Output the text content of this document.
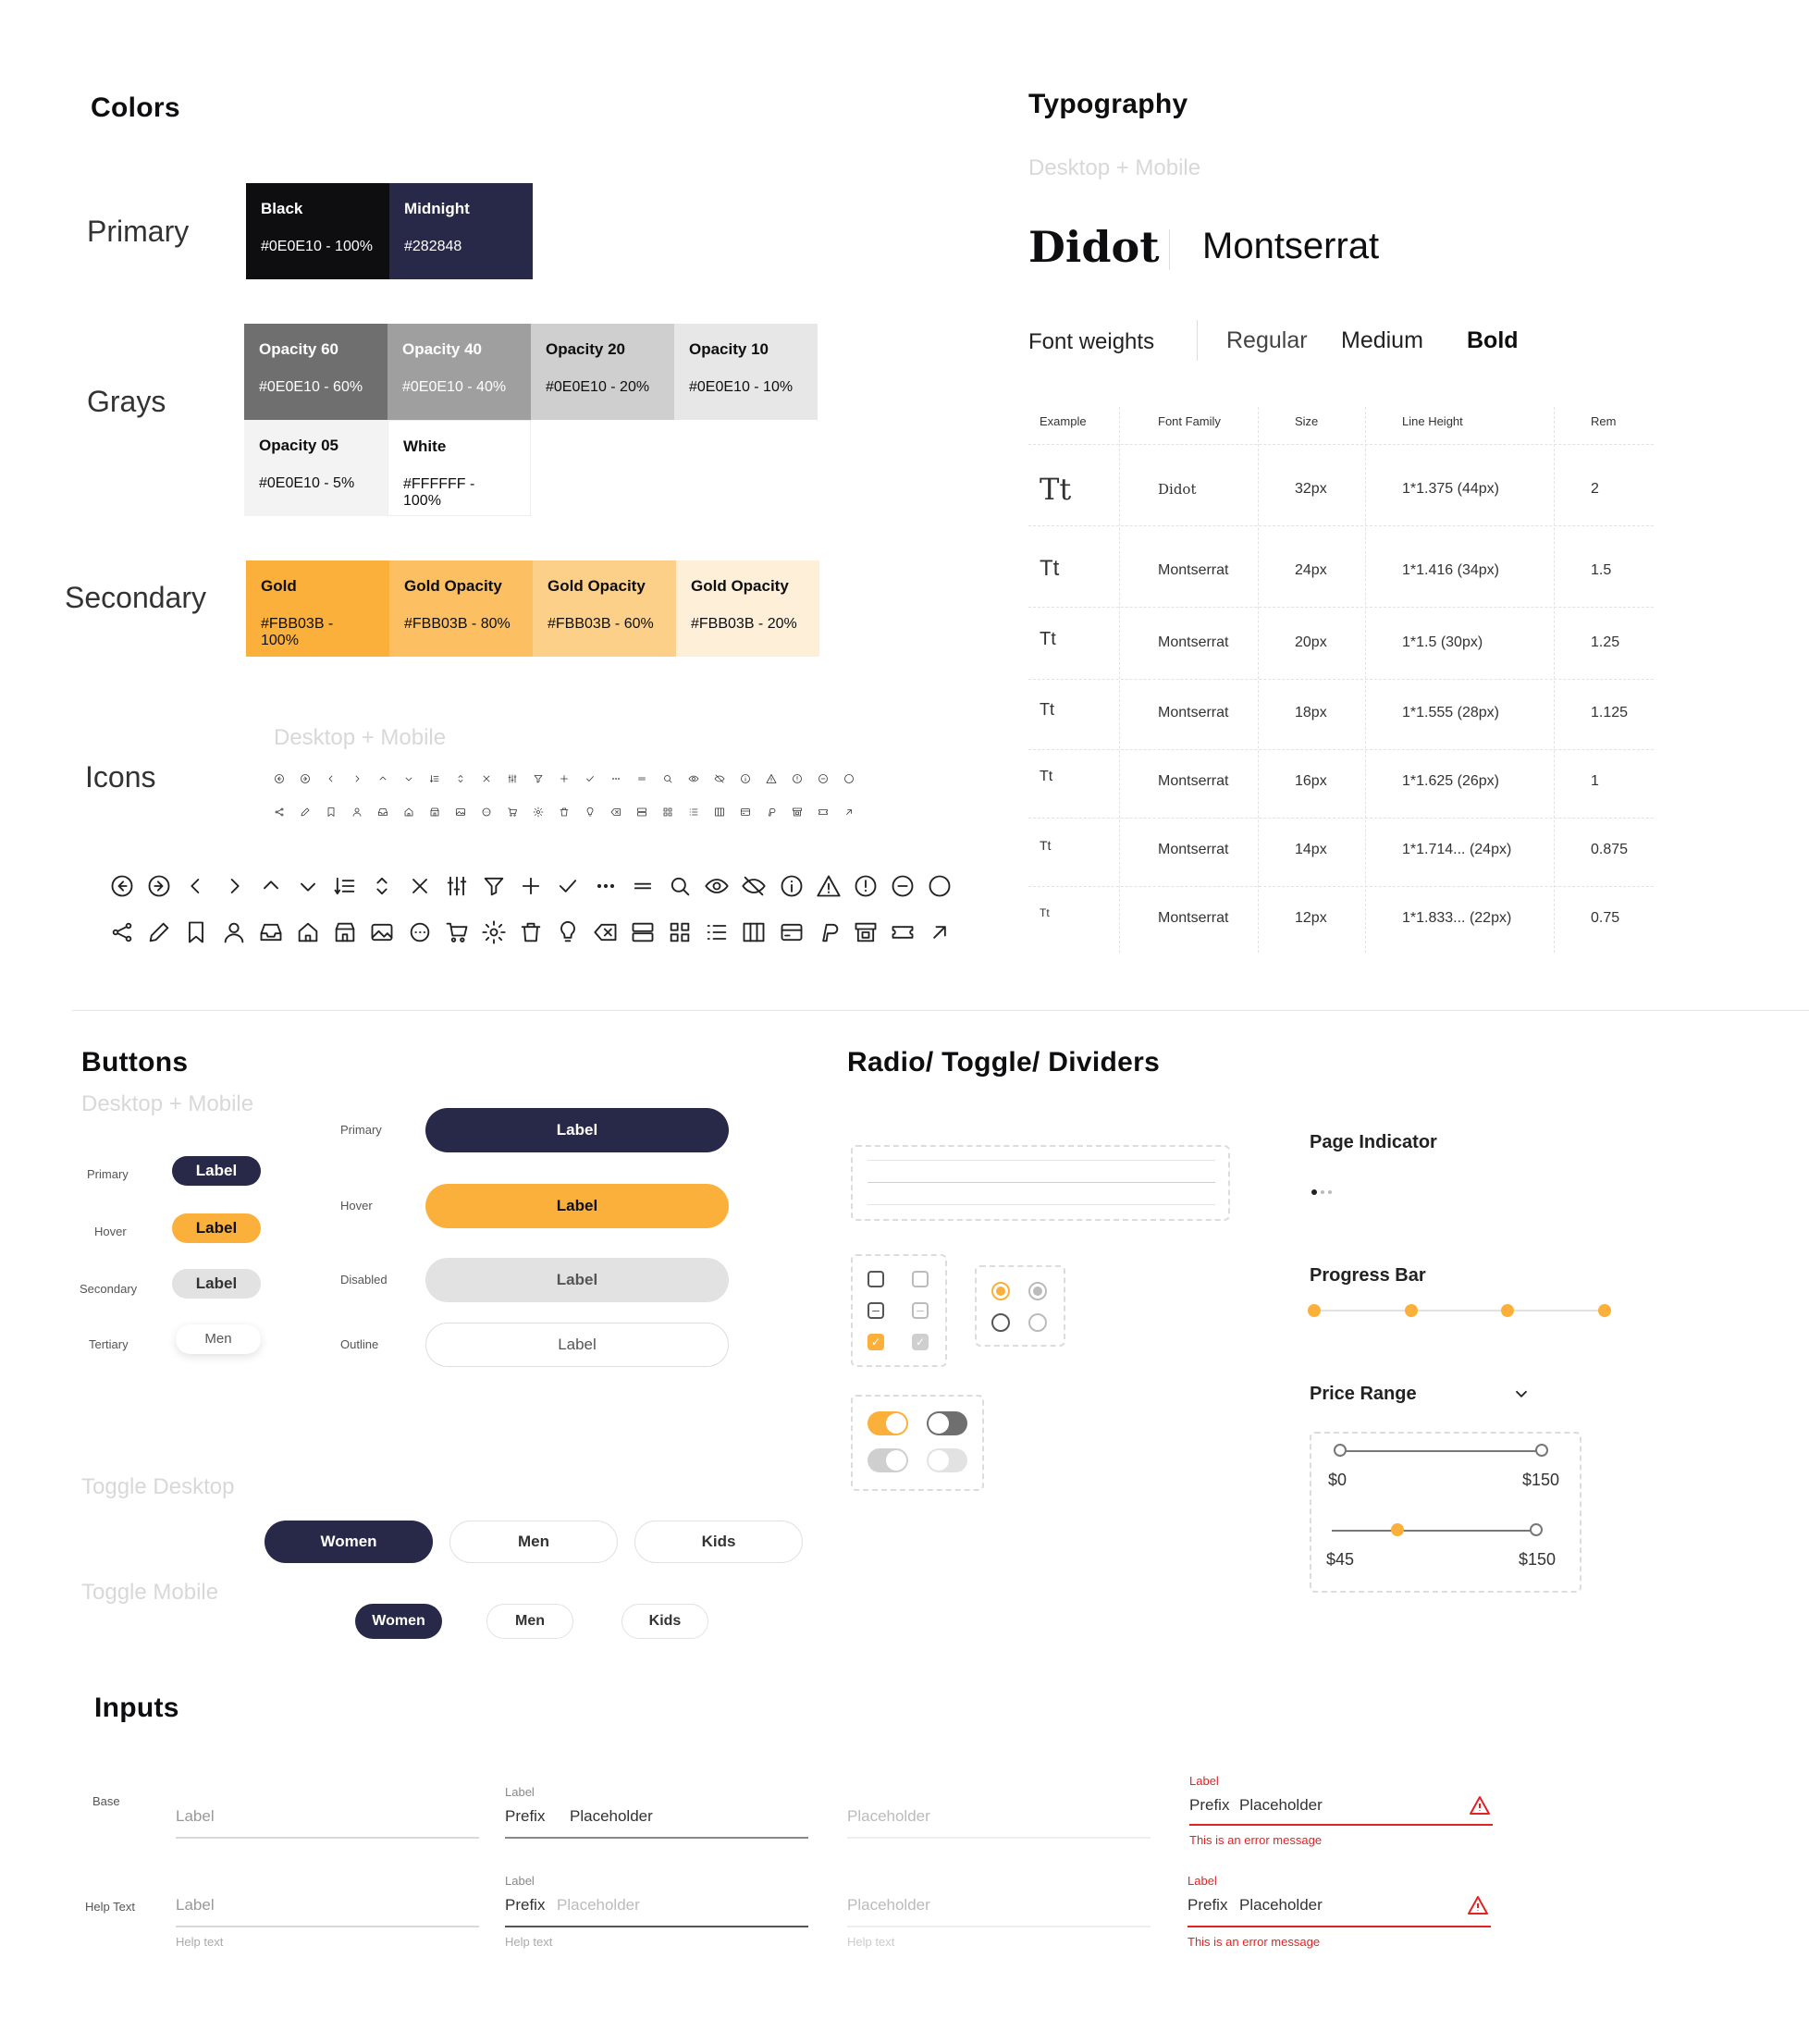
Colors
Primary
Grays
Secondary
Black
#0E0E10 - 100%
Midnight
#282848
Opacity 60
#0E0E10 - 60%
Opacity 40
#0E0E10 - 40%
Opacity 20
#0E0E10 - 20%
Opacity 10
#0E0E10 - 10%
Opacity 05
#0E0E10 - 5%
White
#FFFFFF - 100%
Gold
#FBB03B - 100%
Gold Opacity
#FBB03B - 80%
Gold Opacity
#FBB03B - 60%
Gold Opacity
#FBB03B - 20%
Icons
Desktop + Mobile
Typography
Desktop + Mobile
Didot Montserrat
Font weights	Regular Medium Bold
Example	Font Family	Size	Line Height	Rem
Tt	Didot	32px	1*1.375 (44px)	2
Tt	Montserrat	24px	1*1.416 (34px)	1.5
Tt	Montserrat	20px	1*1.5 (30px)	1.25
Tt	Montserrat	18px	1*1.555 (28px)	1.125
Tt	Montserrat	16px	1*1.625 (26px)	1
Tt	Montserrat	14px	1*1.714... (24px)	0.875
Tt	Montserrat	12px	1*1.833... (22px)	0.75
Buttons
Desktop + Mobile
Primary	Label
Hover	Label
Secondary	Label
Tertiary	Men
Primary	Label
Hover	Label
Disabled	Label
Outline	Label
Toggle Desktop
Women	Men	Kids
Toggle Mobile
Women	Men	Kids
Radio/ Toggle/ Dividers
–	–
✓	✓
Page Indicator
Progress Bar
Price Range
$0	$150
$45	$150
Inputs
Base
Help Text
Label
Label
Prefix Placeholder	Placeholder
Label
Prefix Placeholder
This is an error message
Label
Help text
Label
Prefix Placeholder
Help text
Placeholder
Help text
Label
Prefix Placeholder
This is an error message
